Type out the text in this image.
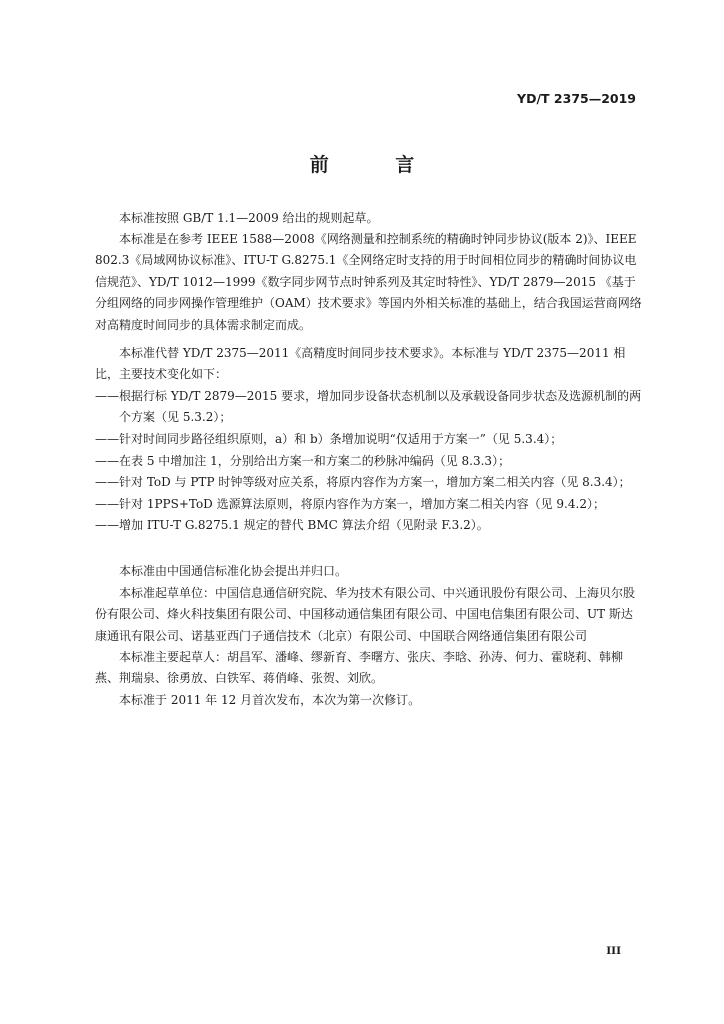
YD/T 2375—2019
前 言

本标准按照 GB/T 1.1—2009 给出的规则起草。

本标准是在参考 IEEE 1588—2008《网络测量和控制系统的精确时钟同步协议(版本 2)》、IEEE 802.3《局域网协议标准》、ITU-T G.8275.1《全网络定时支持的用于时间相位同步的精确时间协议电信规范》、YD/T 1012—1999《数字同步网节点时钟系列及其定时特性》、YD/T 2879—2015 《基于分组网络的同步网操作管理维护（OAM）技术要求》等国内外相关标准的基础上，结合我国运营商网络对高精度时间同步的具体需求制定而成。

本标准代替 YD/T 2375—2011《高精度时间同步技术要求》。本标准与 YD/T 2375—2011 相比，主要技术变化如下：

——根据行标 YD/T 2879—2015 要求，增加同步设备状态机制以及承载设备同步状态及选源机制的两个方案（见 5.3.2）；

——针对时间同步路径组织原则，a）和 b）条增加说明“仅适用于方案一”（见 5.3.4）；

——在表 5 中增加注 1，分别给出方案一和方案二的秒脉冲编码（见 8.3.3）；

——针对 ToD 与 PTP 时钟等级对应关系，将原内容作为方案一，增加方案二相关内容（见 8.3.4）；

——针对 1PPS+ToD 选源算法原则，将原内容作为方案一，增加方案二相关内容（见 9.4.2）；

——增加 ITU-T G.8275.1 规定的替代 BMC 算法介绍（见附录 F.3.2）。

本标准由中国通信标准化协会提出并归口。

本标准起草单位：中国信息通信研究院、华为技术有限公司、中兴通讯股份有限公司、上海贝尔股份有限公司、烽火科技集团有限公司、中国移动通信集团有限公司、中国电信集团有限公司、UT 斯达康通讯有限公司、诺基亚西门子通信技术（北京）有限公司、中国联合网络通信集团有限公司

本标准主要起草人：胡昌军、潘峰、缪新育、李曙方、张庆、李晗、孙涛、何力、霍晓莉、韩柳燕、荆瑞泉、徐勇放、白铁军、蒋俏峰、张贺、刘欣。

本标准于 2011 年 12 月首次发布，本次为第一次修订。

III
